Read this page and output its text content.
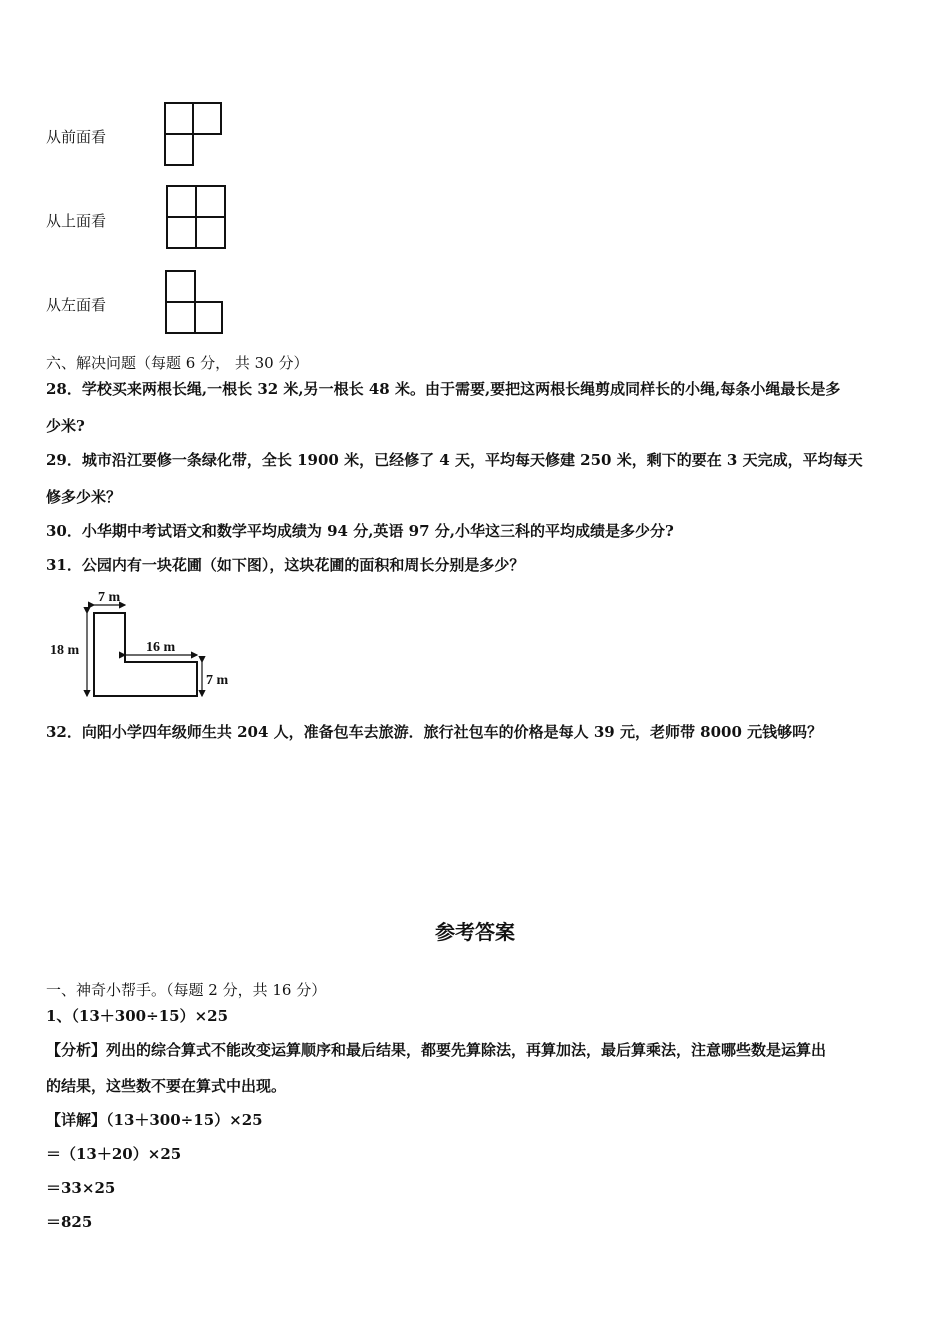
从前面看
从上面看
从左面看
六、解决问题（每题 6 分， 共 30 分）
28．学校买来两根长绳,一根长 32 米,另一根长 48 米。由于需要,要把这两根长绳剪成同样长的小绳,每条小绳最长是多
少米?
29．城市沿江要修一条绿化带，全长 1900 米，已经修了 4 天，平均每天修建 250 米，剩下的要在 3 天完成，平均每天
修多少米？
30．小华期中考试语文和数学平均成绩为 94 分,英语 97 分,小华这三科的平均成绩是多少分?
31．公园内有一块花圃（如下图），这块花圃的面积和周长分别是多少？
7 m
18 m	16 m
7 m
32．向阳小学四年级师生共 204 人，准备包车去旅游．旅行社包车的价格是每人 39 元，老师带 8000 元钱够吗？
参考答案
一、神奇小帮手。（每题 2 分，共 16 分）
1、（13＋300÷15）×25
【分析】列出的综合算式不能改变运算顺序和最后结果，都要先算除法，再算加法，最后算乘法，注意哪些数是运算出
的结果，这些数不要在算式中出现。
【详解】（13＋300÷15）×25
＝（13＋20）×25
＝33×25
＝825
